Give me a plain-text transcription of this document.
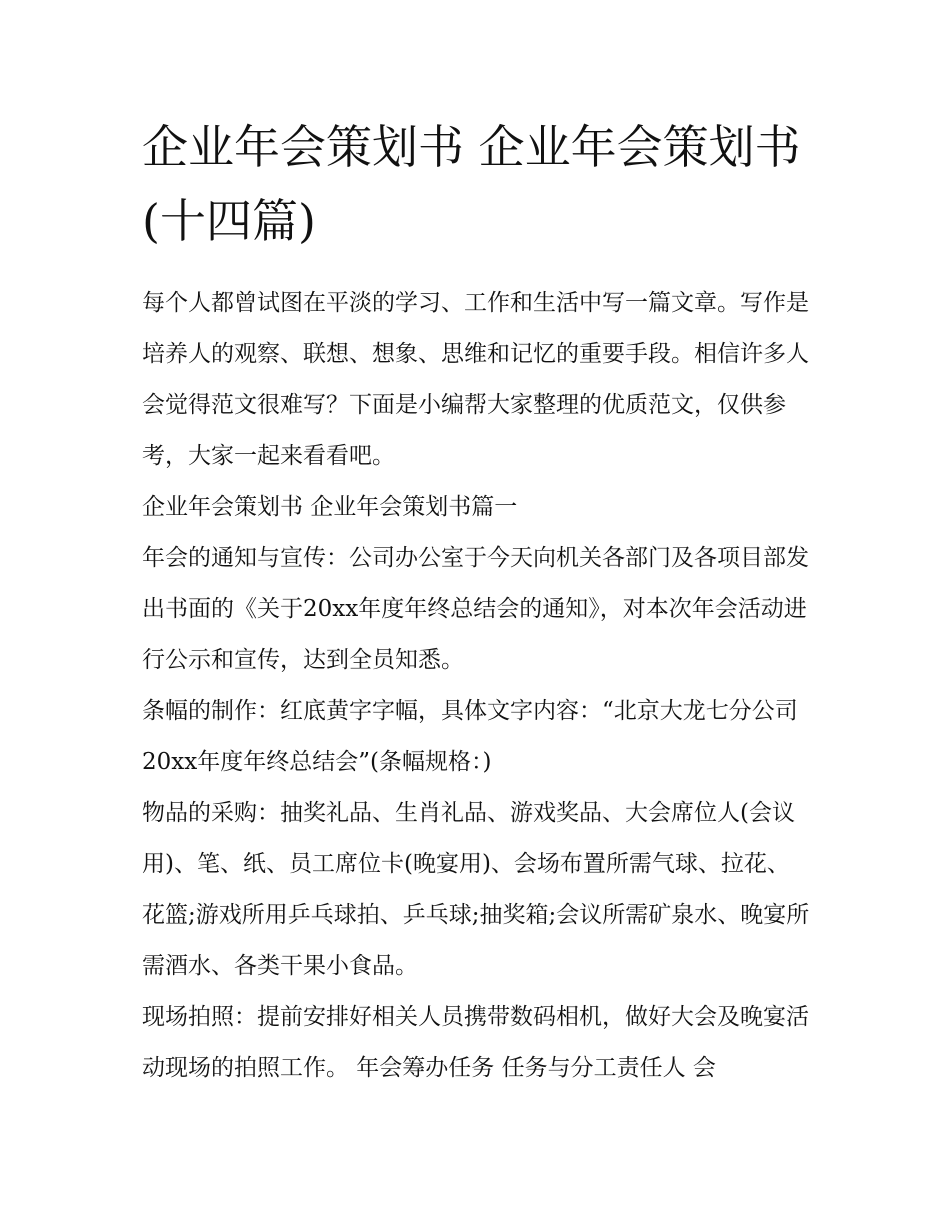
企业年会策划书 企业年会策划书(十四篇)

每个人都曾试图在平淡的学习、工作和生活中写一篇文章。写作是培养人的观察、联想、想象、思维和记忆的重要手段。相信许多人会觉得范文很难写？下面是小编帮大家整理的优质范文，仅供参考，大家一起来看看吧。

企业年会策划书 企业年会策划书篇一

年会的通知与宣传：公司办公室于今天向机关各部门及各项目部发出书面的《关于20xx年度年终总结会的通知》，对本次年会活动进行公示和宣传，达到全员知悉。

条幅的制作：红底黄字字幅，具体文字内容：“北京大龙七分公司20xx年度年终总结会”(条幅规格：)

物品的采购：抽奖礼品、生肖礼品、游戏奖品、大会席位人(会议用)、笔、纸、员工席位卡(晚宴用)、会场布置所需气球、拉花、花篮;游戏所用乒乓球拍、乒乓球;抽奖箱;会议所需矿泉水、晚宴所需酒水、各类干果小食品。

现场拍照：提前安排好相关人员携带数码相机，做好大会及晚宴活动现场的拍照工作。 年会筹办任务 任务与分工责任人 会
